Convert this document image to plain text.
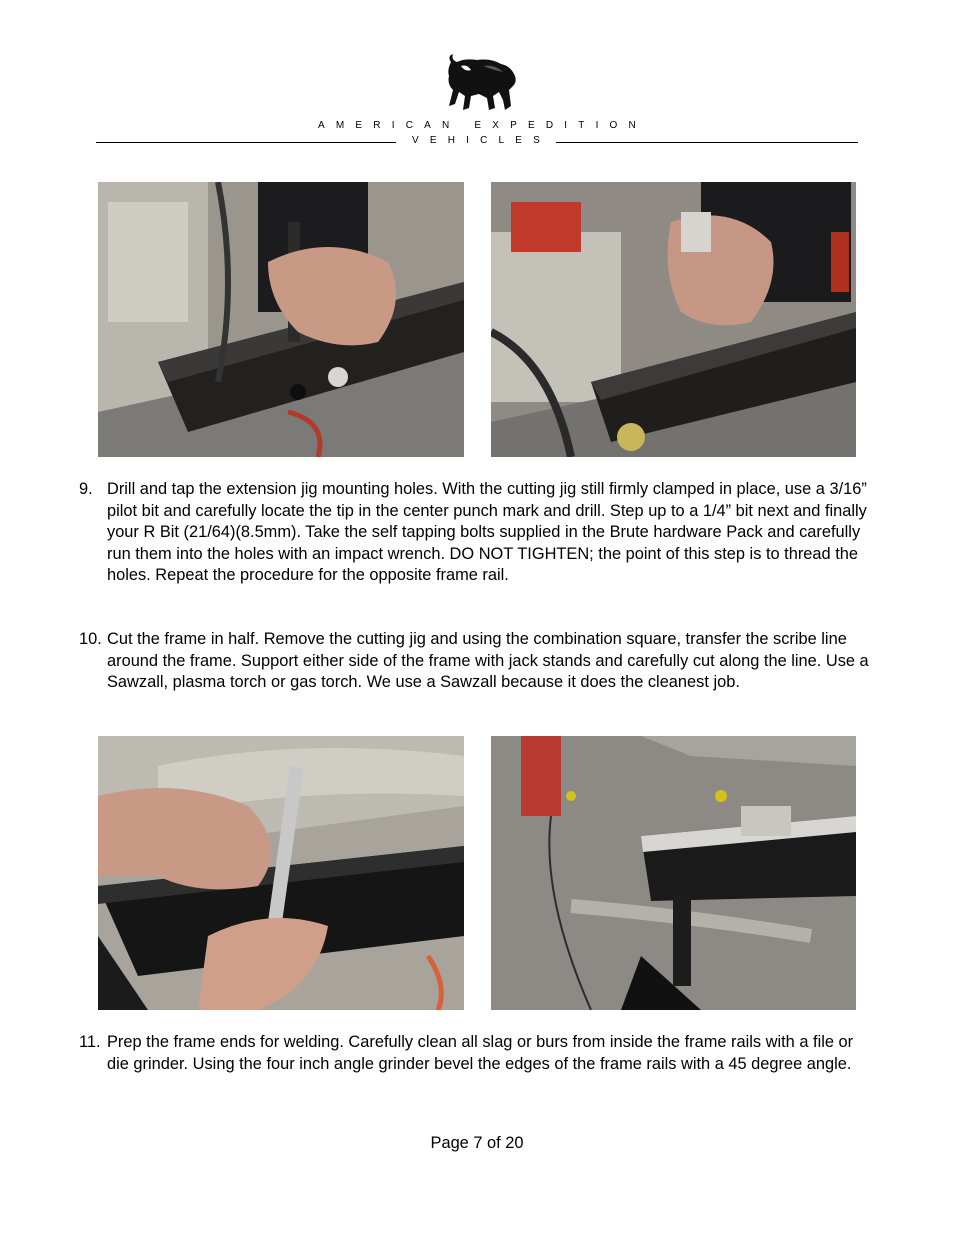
AMERICAN EXPEDITION
VEHICLES
9. Drill and tap the extension jig mounting holes. With the cutting jig still firmly clamped in place, use a 3/16” pilot bit and carefully locate the tip in the center punch mark and drill. Step up to a 1/4” bit next and finally your R Bit (21/64)(8.5mm). Take the self tapping bolts supplied in the Brute hardware Pack and carefully run them into the holes with an impact wrench. DO NOT TIGHTEN; the point of this step is to thread the holes. Repeat the procedure for the opposite frame rail.
10. Cut the frame in half. Remove the cutting jig and using the combination square, transfer the scribe line around the frame. Support either side of the frame with jack stands and carefully cut along the line. Use a Sawzall, plasma torch or gas torch. We use a Sawzall because it does the cleanest job.
11. Prep the frame ends for welding. Carefully clean all slag or burs from inside the frame rails with a file or die grinder. Using the four inch angle grinder bevel the edges of the frame rails with a 45 degree angle.
Page 7 of 20
